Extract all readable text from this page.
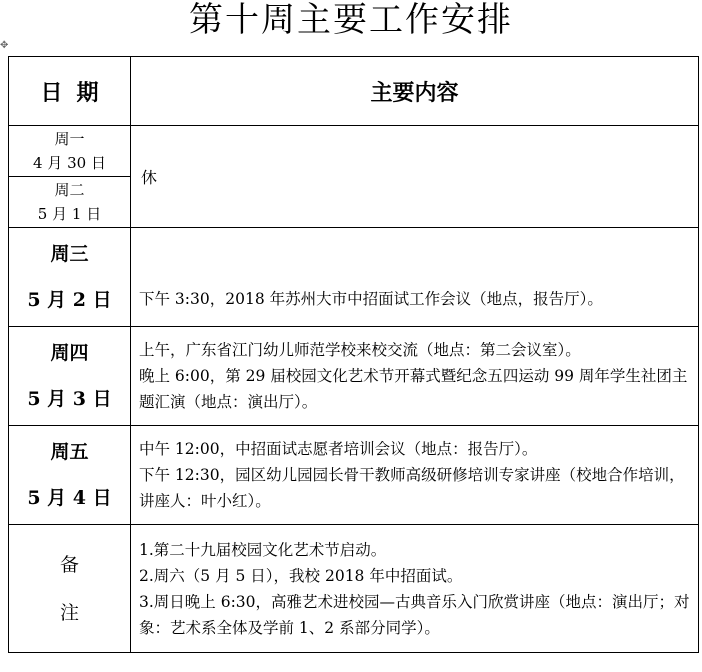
第十周主要工作安排
✥
日期	主要内容

周一
4 月 30 日	休

周二
5 月 1 日	

周三
5 月 2 日	下午 3:30，2018 年苏州大市中招面试工作会议（地点，报告厅）。

周四
5 月 3 日	上午，广东省江门幼儿师范学校来校交流（地点：第二会议室）。
晚上 6:00，第 29 届校园文化艺术节开幕式暨纪念五四运动 99 周年学生社团主题汇演（地点：演出厅）。

周五
5 月 4 日	中午 12:00，中招面试志愿者培训会议（地点：报告厅）。
下午 12:30，园区幼儿园园长骨干教师高级研修培训专家讲座（校地合作培训，讲座人：叶小红）。

备
注	1.第二十九届校园文化艺术节启动。
2.周六（5 月 5 日），我校 2018 年中招面试。
3.周日晚上 6:30，高雅艺术进校园—古典音乐入门欣赏讲座（地点：演出厅；对象：艺术系全体及学前 1、2 系部分同学）。
